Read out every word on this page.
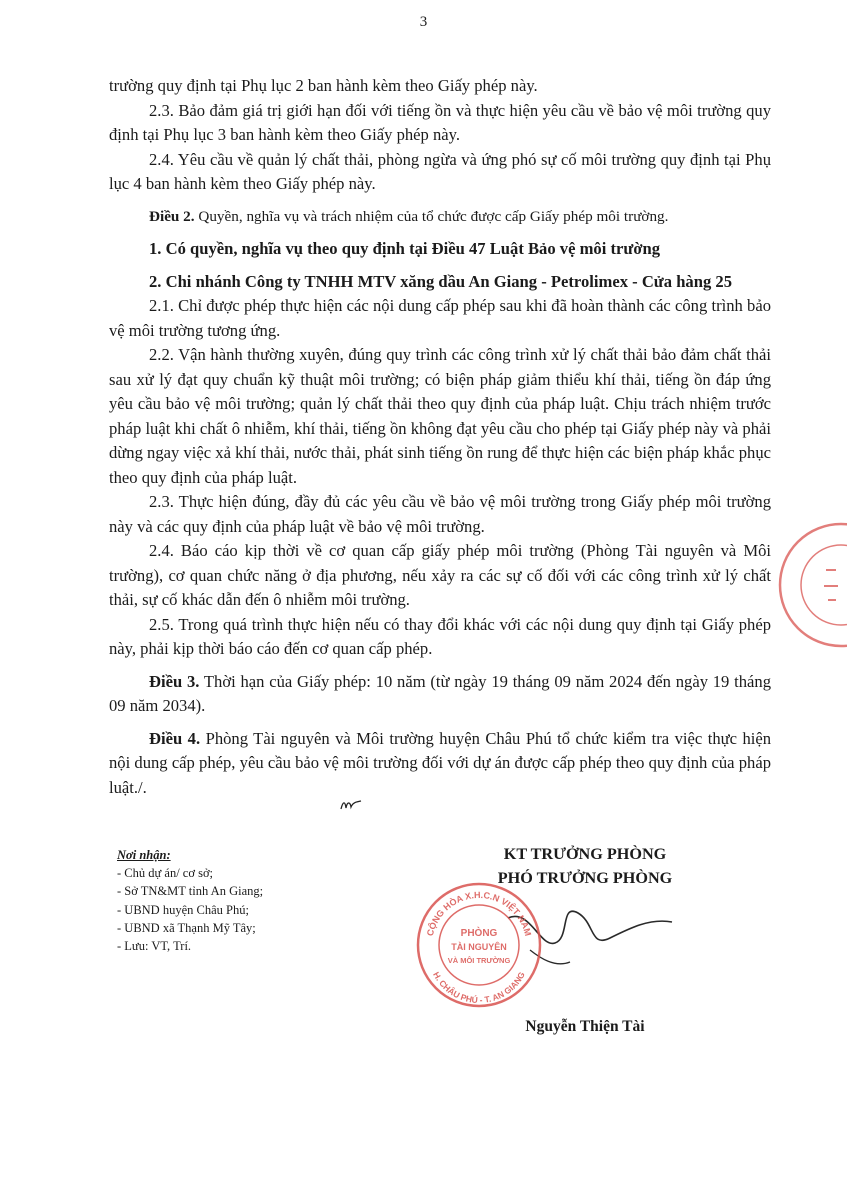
3

trường quy định tại Phụ lục 2 ban hành kèm theo Giấy phép này.

2.3. Bảo đảm giá trị giới hạn đối với tiếng ồn và thực hiện yêu cầu về bảo vệ môi trường quy định tại Phụ lục 3 ban hành kèm theo Giấy phép này.

2.4. Yêu cầu về quản lý chất thải, phòng ngừa và ứng phó sự cố môi trường quy định tại Phụ lục 4 ban hành kèm theo Giấy phép này.

Điều 2. Quyền, nghĩa vụ và trách nhiệm của tổ chức được cấp Giấy phép môi trường.

1. Có quyền, nghĩa vụ theo quy định tại Điều 47 Luật Bảo vệ môi trường

2. Chi nhánh Công ty TNHH MTV xăng dầu An Giang - Petrolimex - Cửa hàng 25

2.1. Chỉ được phép thực hiện các nội dung cấp phép sau khi đã hoàn thành các công trình bảo vệ môi trường tương ứng.

2.2. Vận hành thường xuyên, đúng quy trình các công trình xử lý chất thải bảo đảm chất thải sau xử lý đạt quy chuẩn kỹ thuật môi trường; có biện pháp giảm thiểu khí thải, tiếng ồn đáp ứng yêu cầu bảo vệ môi trường; quản lý chất thải theo quy định của pháp luật. Chịu trách nhiệm trước pháp luật khi chất ô nhiễm, khí thải, tiếng ồn không đạt yêu cầu cho phép tại Giấy phép này và phải dừng ngay việc xả khí thải, nước thải, phát sinh tiếng ồn rung để thực hiện các biện pháp khắc phục theo quy định của pháp luật.

2.3. Thực hiện đúng, đầy đủ các yêu cầu về bảo vệ môi trường trong Giấy phép môi trường này và các quy định của pháp luật về bảo vệ môi trường.

2.4. Báo cáo kịp thời về cơ quan cấp giấy phép môi trường (Phòng Tài nguyên và Môi trường), cơ quan chức năng ở địa phương, nếu xảy ra các sự cố đối với các công trình xử lý chất thải, sự cố khác dẫn đến ô nhiễm môi trường.

2.5. Trong quá trình thực hiện nếu có thay đổi khác với các nội dung quy định tại Giấy phép này, phải kịp thời báo cáo đến cơ quan cấp phép.

Điều 3. Thời hạn của Giấy phép: 10 năm (từ ngày 19 tháng 09 năm 2024 đến ngày 19 tháng 09 năm 2034).

Điều 4. Phòng Tài nguyên và Môi trường huyện Châu Phú tổ chức kiểm tra việc thực hiện nội dung cấp phép, yêu cầu bảo vệ môi trường đối với dự án được cấp phép theo quy định của pháp luật./.

Nơi nhận:
- Chủ dự án/ cơ sở;
- Sở TN&MT tỉnh An Giang;
- UBND huyện Châu Phú;
- UBND xã Thạnh Mỹ Tây;
- Lưu: VT, Trí.
KT TRƯỞNG PHÒNG
PHÓ TRƯỞNG PHÒNG
CỘNG HÒA X.H.C.N VIỆT NAM
H. CHÂU PHÚ - T. AN GIANG
PHÒNG
TÀI NGUYÊN
VÀ MÔI TRƯỜNG
Nguyễn Thiện Tài
